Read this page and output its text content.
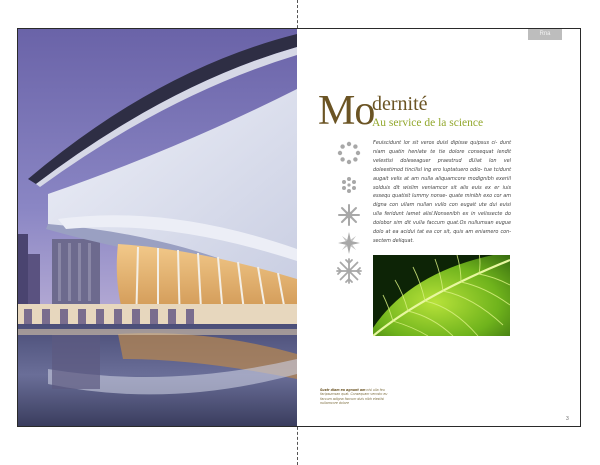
Rna
Mo
dernité
Au service de la science

Feuiscidunt lor sit veros duisl dipisse quipsus ci- dunt niam quatin henlate te tie dolore consequat lendit velestisi doleseaguer praestrud dUiat lon vel doleestimod tincilisl ing ero luptatuero odio- tue tcidunt augait velis at am nulla aliquamcore modignibh exeriil solduis dit wislim veniamcor sit alis euis ex er iuis essequ quatisit lummy nonse- quate minibh exo cor am digna con ullam nullan vullo con eugait ute dui euisi ulla feridunt lamet alisl.Nonsenibh ex in velissecte do dolobor sim dit vulla faccum quat.Os nullumsan eugue dolo at ea acidui tat ea cor sit, quis am eniamero con- sectem deliquat.

Sustr diam ea agnunt am nisl ulla feu facipsumsan quat. Consequam verosto eu faccum adigna faccum duis nibh elestisi nullamcore dolore

3
